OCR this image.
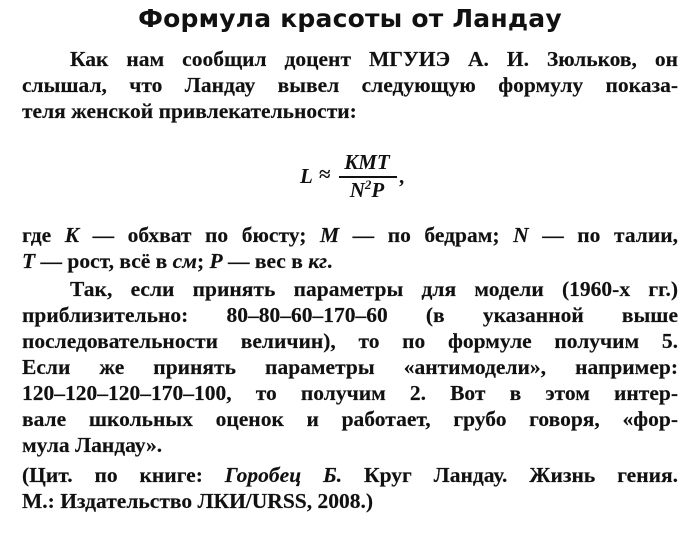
Формула красоты от Ландау
Как нам сообщил доцент МГУИЭ А. И. Зюльков, он
слышал, что Ландау вывел следующую формулу показа-
теля женской привлекательности:
L ≈ KMT
$N^2P$
,
где K — обхват по бюсту; M — по бедрам; N — по талии,
T — рост, всё в см; P — вес в кг.
Так, если принять параметры для модели (1960-х гг.)
приблизительно: 80–80–60–170–60 (в указанной выше
последовательности величин), то по формуле получим 5.
Если же принять параметры «антимодели», например:
120–120–120–170–100, то получим 2. Вот в этом интер-
вале школьных оценок и работает, грубо говоря, «фор-
мула Ландау».
(Цит. по книге: Горобец Б. Круг Ландау. Жизнь гения.
М.: Издательство ЛКИ/URSS, 2008.)
